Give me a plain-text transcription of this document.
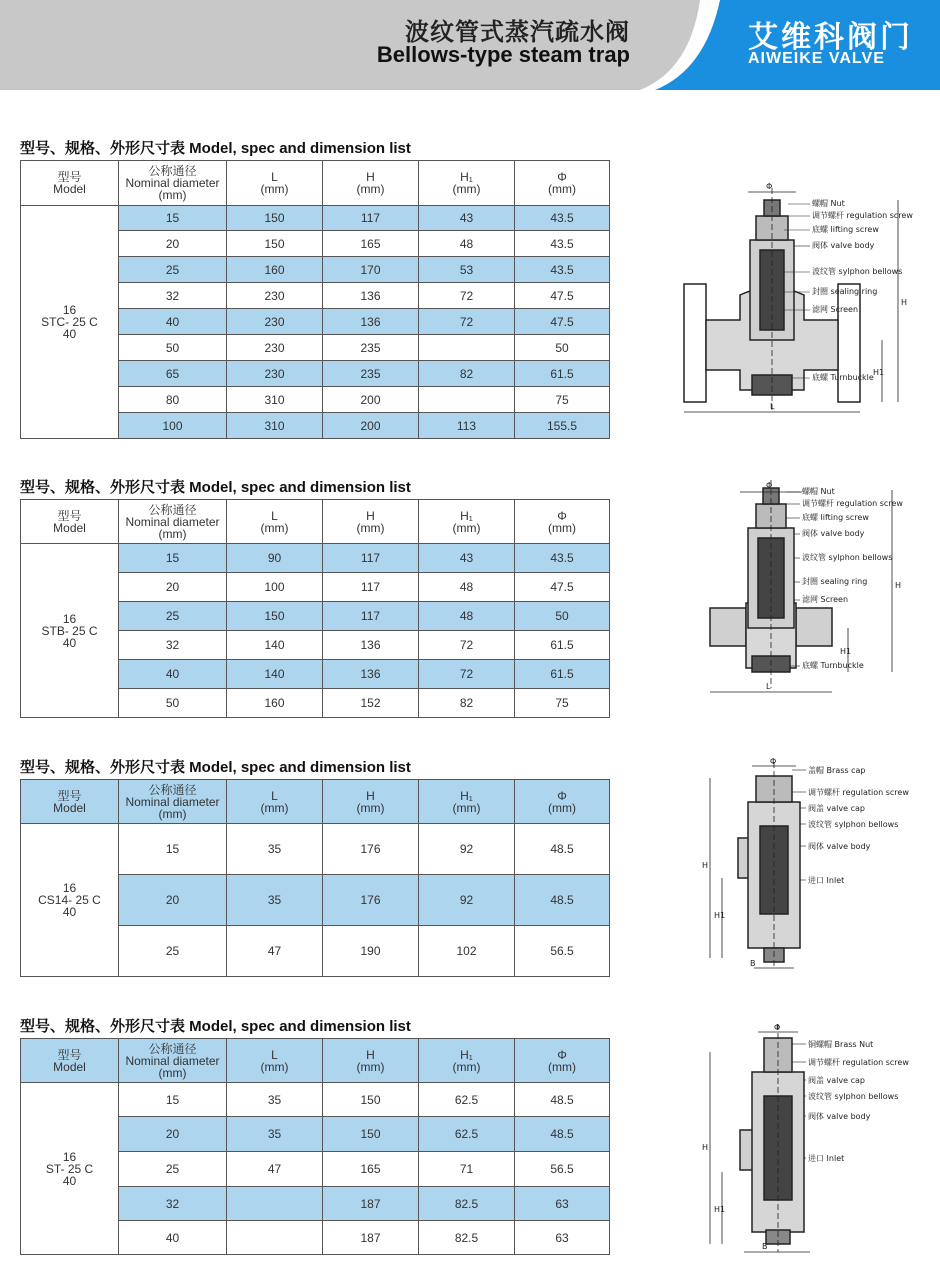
波纹管式蒸汽疏水阀
Bellows-type steam trap
艾维科阀门
AIWEIKE VALVE
型号、规格、外形尺寸表 Model, spec and dimension list
型号
Model	公称通径
Nominal diameter
(mm)	L
(mm)	H
(mm)	H₁
(mm)	Φ
(mm)
16
STC- 25 C
40	15	150	117	43	43.5
	20	150	165	48	43.5
	25	160	170	53	43.5
	32	230	136	72	47.5
	40	230	136	72	47.5
	50	230	235		50
	65	230	235	82	61.5
	80	310	200		75
	100	310	200	113	155.5
型号、规格、外形尺寸表 Model, spec and dimension list
型号
Model	公称通径
Nominal diameter
(mm)	L
(mm)	H
(mm)	H₁
(mm)	Φ
(mm)
16
STB- 25 C
40	15	90	117	43	43.5
	20	100	117	48	47.5
	25	150	117	48	50
	32	140	136	72	61.5
	40	140	136	72	61.5
	50	160	152	82	75
型号、规格、外形尺寸表 Model, spec and dimension list
型号
Model	公称通径
Nominal diameter
(mm)	L
(mm)	H
(mm)	H₁
(mm)	Φ
(mm)
16
CS14- 25 C
40	15	35	176	92	48.5
	20	35	176	92	48.5
	25	47	190	102	56.5
型号、规格、外形尺寸表 Model, spec and dimension list
型号
Model	公称通径
Nominal diameter
(mm)	L
(mm)	H
(mm)	H₁
(mm)	Φ
(mm)
16
ST- 25 C
40	15	35	150	62.5	48.5
	20	35	150	62.5	48.5
	25	47	165	71	56.5
	32		187	82.5	63
	40		187	82.5	63
螺帽 Nut
调节螺杆 regulation screw
底螺 lifting screw
阀体 valve body
波纹管 sylphon bellows
封圈 sealing ring
滤网 Screen
底螺 Turnbuckle
Φ
H
H1
L
螺帽 Nut
调节螺杆 regulation screw
底螺 lifting screw
阀体 valve body
波纹管 sylphon bellows
封圈 sealing ring
滤网 Screen
底螺 Turnbuckle
Φ
H
H1
L
盖帽 Brass cap
调节螺杆 regulation screw
阀盖 valve cap
波纹管 sylphon bellows
阀体 valve body
进口 Inlet
Φ
H
H1
B
铜螺帽 Brass Nut
调节螺杆 regulation screw
阀盖 valve cap
波纹管 sylphon bellows
阀体 valve body
进口 Inlet
Φ
H
H1
B
